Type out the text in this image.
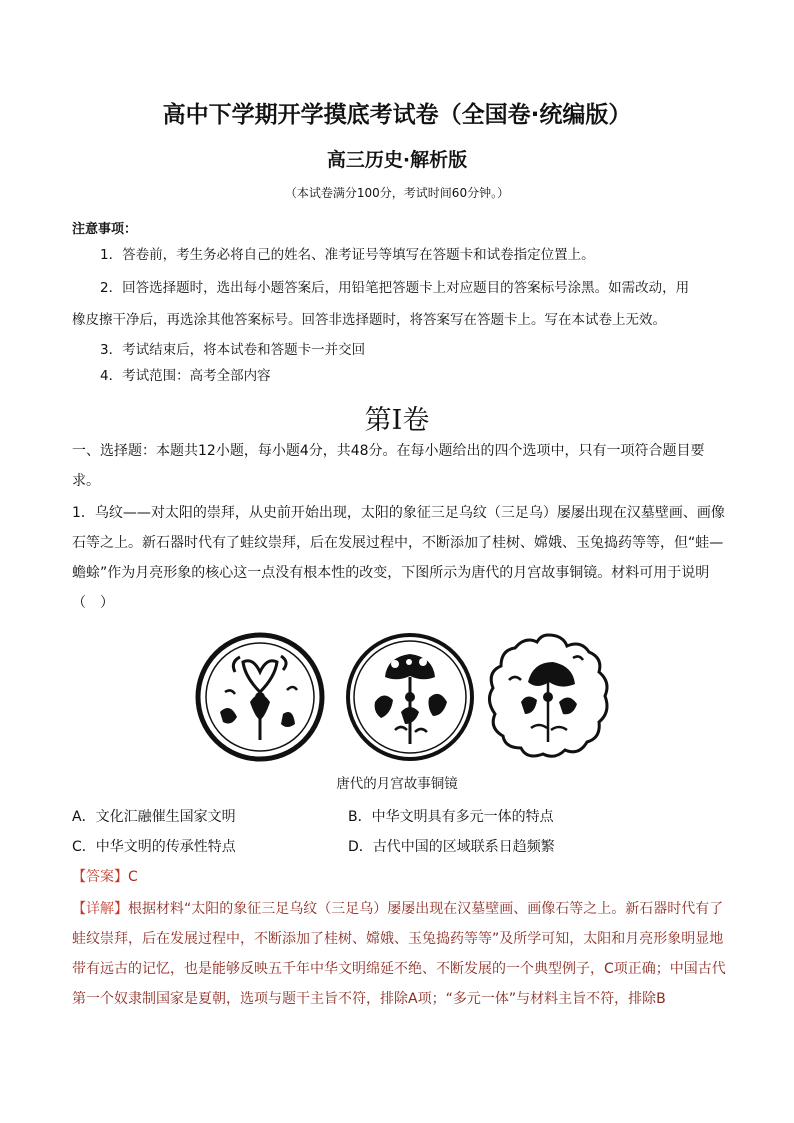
高中下学期开学摸底考试卷（全国卷·统编版）
高三历史·解析版
（本试卷满分100分，考试时间60分钟。）
注意事项：
1．答卷前，考生务必将自己的姓名、准考证号等填写在答题卡和试卷指定位置上。
2．回答选择题时，选出每小题答案后，用铅笔把答题卡上对应题目的答案标号涂黑。如需改动，用
橡皮擦干净后，再选涂其他答案标号。回答非选择题时，将答案写在答题卡上。写在本试卷上无效。
3．考试结束后，将本试卷和答题卡一并交回
4．考试范围：高考全部内容
第Ⅰ卷
一、选择题：本题共12小题，每小题4分，共48分。在每小题给出的四个选项中，只有一项符合题目要求。
1．乌纹——对太阳的崇拜，从史前开始出现，太阳的象征三足乌纹（三足乌）屡屡出现在汉墓壁画、画像石等之上。新石器时代有了蛙纹崇拜，后在发展过程中，不断添加了桂树、嫦娥、玉兔捣药等等，但“蛙—蟾蜍”作为月亮形象的核心这一点没有根本性的改变，下图所示为唐代的月宫故事铜镜。材料可用于说明（　）
唐代的月宫故事铜镜
A．文化汇融催生国家文明	B．中华文明具有多元一体的特点
C．中华文明的传承性特点	D．古代中国的区域联系日趋频繁
【答案】C
【详解】根据材料“太阳的象征三足乌纹（三足乌）屡屡出现在汉墓壁画、画像石等之上。新石器时代有了蛙纹崇拜，后在发展过程中，不断添加了桂树、嫦娥、玉兔捣药等等”及所学可知，太阳和月亮形象明显地带有远古的记忆，也是能够反映五千年中华文明绵延不绝、不断发展的一个典型例子，C项正确；中国古代第一个奴隶制国家是夏朝，选项与题干主旨不符，排除A项；“多元一体”与材料主旨不符，排除B
